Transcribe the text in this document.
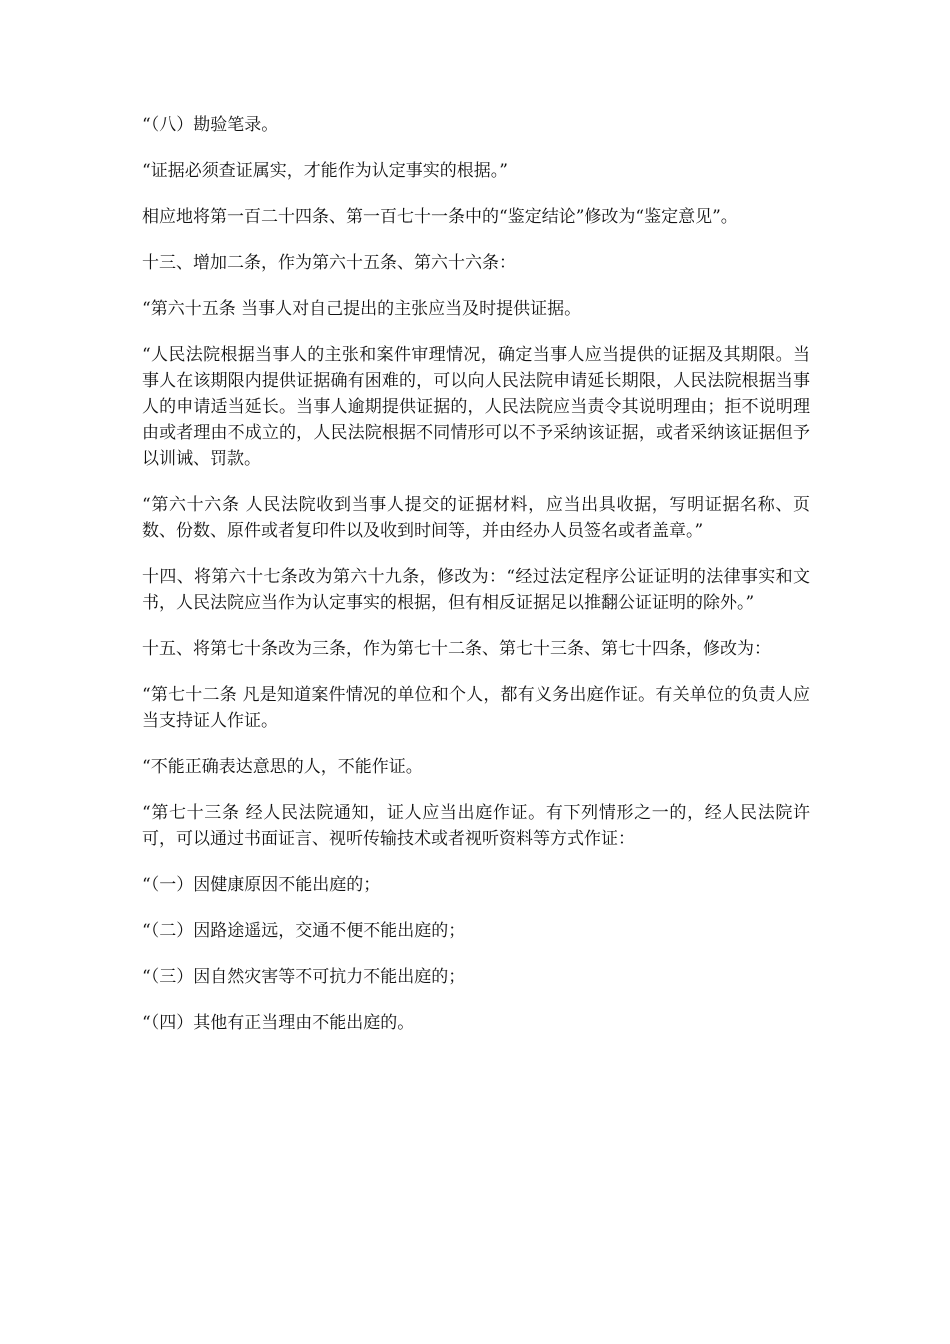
“（八）勘验笔录。

“证据必须查证属实，才能作为认定事实的根据。”

相应地将第一百二十四条、第一百七十一条中的“鉴定结论”修改为“鉴定意见”。

十三、增加二条，作为第六十五条、第六十六条：

“第六十五条 当事人对自己提出的主张应当及时提供证据。

“人民法院根据当事人的主张和案件审理情况，确定当事人应当提供的证据及其期限。当事人在该期限内提供证据确有困难的，可以向人民法院申请延长期限，人民法院根据当事人的申请适当延长。当事人逾期提供证据的，人民法院应当责令其说明理由；拒不说明理由或者理由不成立的，人民法院根据不同情形可以不予采纳该证据，或者采纳该证据但予以训诫、罚款。

“第六十六条 人民法院收到当事人提交的证据材料，应当出具收据，写明证据名称、页数、份数、原件或者复印件以及收到时间等，并由经办人员签名或者盖章。”

十四、将第六十七条改为第六十九条，修改为：“经过法定程序公证证明的法律事实和文书，人民法院应当作为认定事实的根据，但有相反证据足以推翻公证证明的除外。”

十五、将第七十条改为三条，作为第七十二条、第七十三条、第七十四条，修改为：

“第七十二条 凡是知道案件情况的单位和个人，都有义务出庭作证。有关单位的负责人应当支持证人作证。

“不能正确表达意思的人，不能作证。

“第七十三条 经人民法院通知，证人应当出庭作证。有下列情形之一的，经人民法院许可，可以通过书面证言、视听传输技术或者视听资料等方式作证：

“（一）因健康原因不能出庭的；

“（二）因路途遥远，交通不便不能出庭的；

“（三）因自然灾害等不可抗力不能出庭的；

“（四）其他有正当理由不能出庭的。
